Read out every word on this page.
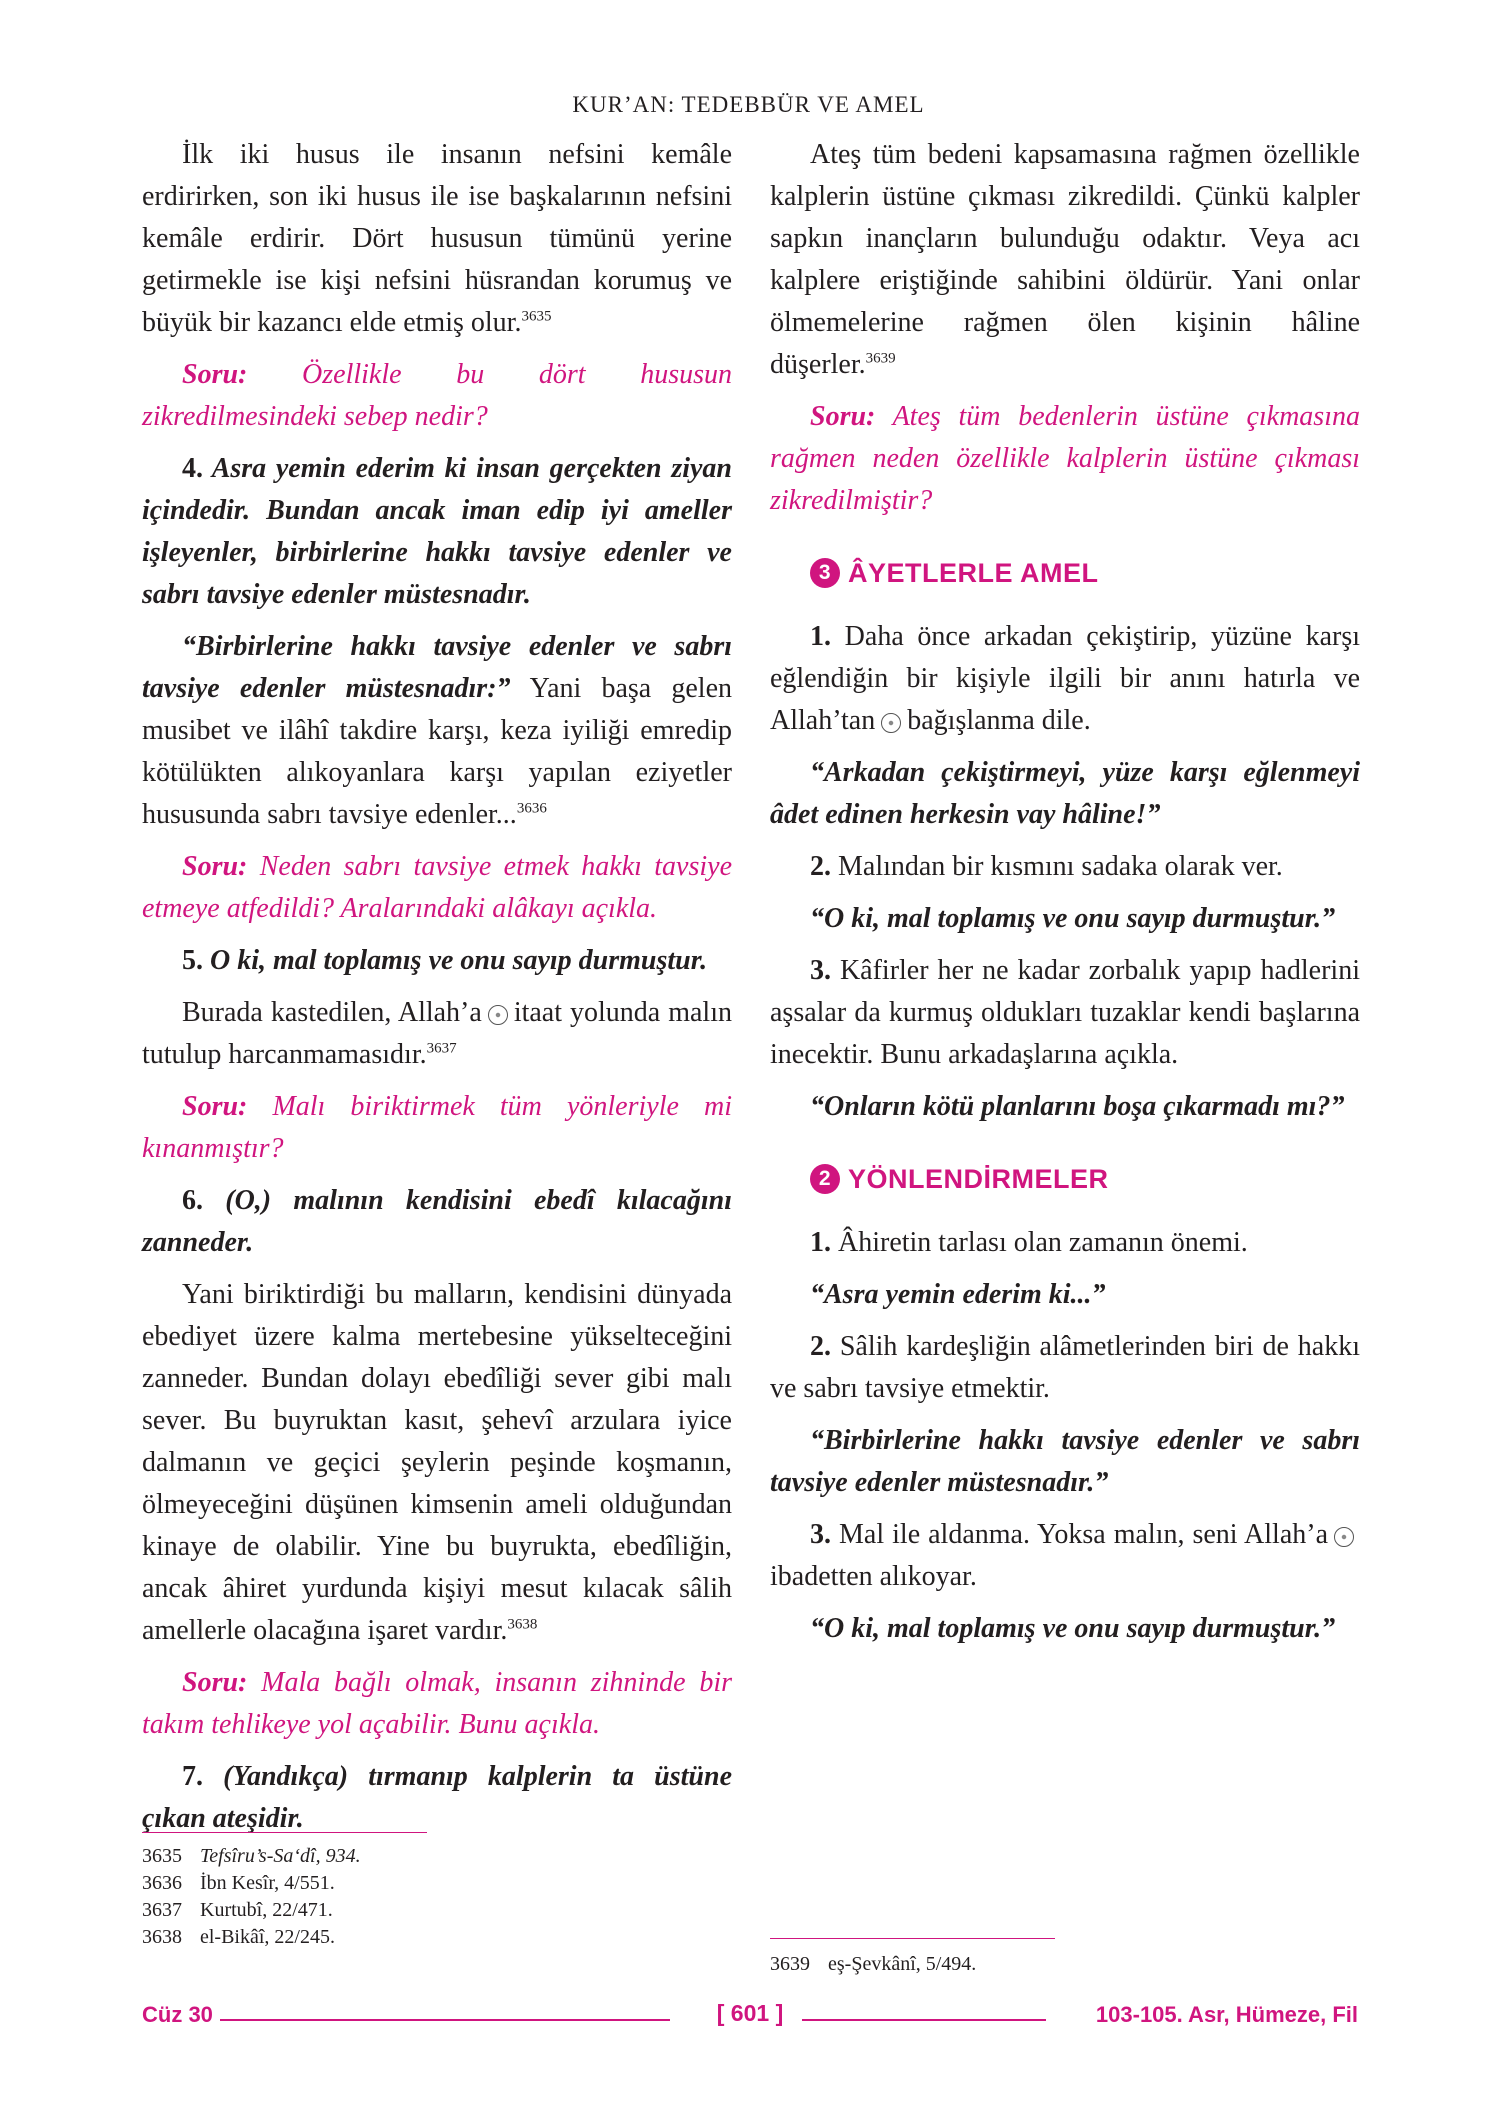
KUR’AN: TEDEBBÜR VE AMEL

İlk iki husus ile insanın nefsini kemâle erdirirken, son iki husus ile ise başkalarının nefsini kemâle erdirir. Dört hususun tümünü yerine getirmekle ise kişi nefsini hüsrandan korumuş ve büyük bir kazancı elde etmiş olur.$^{3635}$

Soru: Özellikle bu dört hususun zikredilmesindeki sebep nedir?

4. Asra yemin ederim ki insan gerçekten ziyan içindedir. Bundan ancak iman edip iyi ameller işleyenler, birbirlerine hakkı tavsiye edenler ve sabrı tavsiye edenler müstesnadır.

“Birbirlerine hakkı tavsiye edenler ve sabrı tavsiye edenler müstesnadır:” Yani başa gelen musibet ve ilâhî takdire karşı, keza iyiliği emredip kötülükten alıkoyanlara karşı yapılan eziyetler hususunda sabrı tavsiye edenler...$^{3636}$

Soru: Neden sabrı tavsiye etmek hakkı tavsiye etmeye atfedildi? Aralarındaki alâkayı açıkla.

5. O ki, mal toplamış ve onu sayıp durmuştur.

Burada kastedilen, Allah’a itaat yolunda malın tutulup harcanmamasıdır.$^{3637}$

Soru: Malı biriktirmek tüm yönleriyle mi kınanmıştır?

6. (O,) malının kendisini ebedî kılacağını zanneder.

Yani biriktirdiği bu malların, kendisini dünyada ebediyet üzere kalma mertebesine yükselteceğini zanneder. Bundan dolayı ebedîliği sever gibi malı sever. Bu buyruktan kasıt, şehevî arzulara iyice dalmanın ve geçici şeylerin peşinde koşmanın, ölmeyeceğini düşünen kimsenin ameli olduğundan kinaye de olabilir. Yine bu buyrukta, ebedîliğin, ancak âhiret yurdunda kişiyi mesut kılacak sâlih amellerle olacağına işaret vardır.$^{3638}$

Soru: Mala bağlı olmak, insanın zihninde bir takım tehlikeye yol açabilir. Bunu açıkla.

7. (Yandıkça) tırmanıp kalplerin ta üstüne çıkan ateşidir.

Ateş tüm bedeni kapsamasına rağmen özellikle kalplerin üstüne çıkması zikredildi. Çünkü kalpler sapkın inançların bulunduğu odaktır. Veya acı kalplere eriştiğinde sahibini öldürür. Yani onlar ölmemelerine rağmen ölen kişinin hâline düşerler.$^{3639}$

Soru: Ateş tüm bedenlerin üstüne çıkmasına rağmen neden özellikle kalplerin üstüne çıkması zikredilmiştir?

3 ÂYETLERLE AMEL

1. Daha önce arkadan çekiştirip, yüzüne karşı eğlendiğin bir kişiyle ilgili bir anını hatırla ve Allah’tan bağışlanma dile.

“Arkadan çekiştirmeyi, yüze karşı eğlenmeyi âdet edinen herkesin vay hâline!”

2. Malından bir kısmını sadaka olarak ver.

“O ki, mal toplamış ve onu sayıp durmuştur.”

3. Kâfirler her ne kadar zorbalık yapıp hadlerini aşsalar da kurmuş oldukları tuzaklar kendi başlarına inecektir. Bunu arkadaşlarına açıkla.

“Onların kötü planlarını boşa çıkarmadı mı?”

2 YÖNLENDİRMELER

1. Âhiretin tarlası olan zamanın önemi.

“Asra yemin ederim ki...”

2. Sâlih kardeşliğin alâmetlerinden biri de hakkı ve sabrı tavsiye etmektir.

“Birbirlerine hakkı tavsiye edenler ve sabrı tavsiye edenler müstesnadır.”

3. Mal ile aldanma. Yoksa malın, seni Allah’aibadetten alıkoyar.

“O ki, mal toplamış ve onu sayıp durmuştur.”

3635 Tefsîru’s-Sa‘dî, 934.
3636 İbn Kesîr, 4/551.
3637 Kurtubî, 22/471.
3638 el-Bikâî, 22/245.
3639 eş-Şevkânî, 5/494.
Cüz 30	[ 601 ]	103-105. Asr, Hümeze, Fil
